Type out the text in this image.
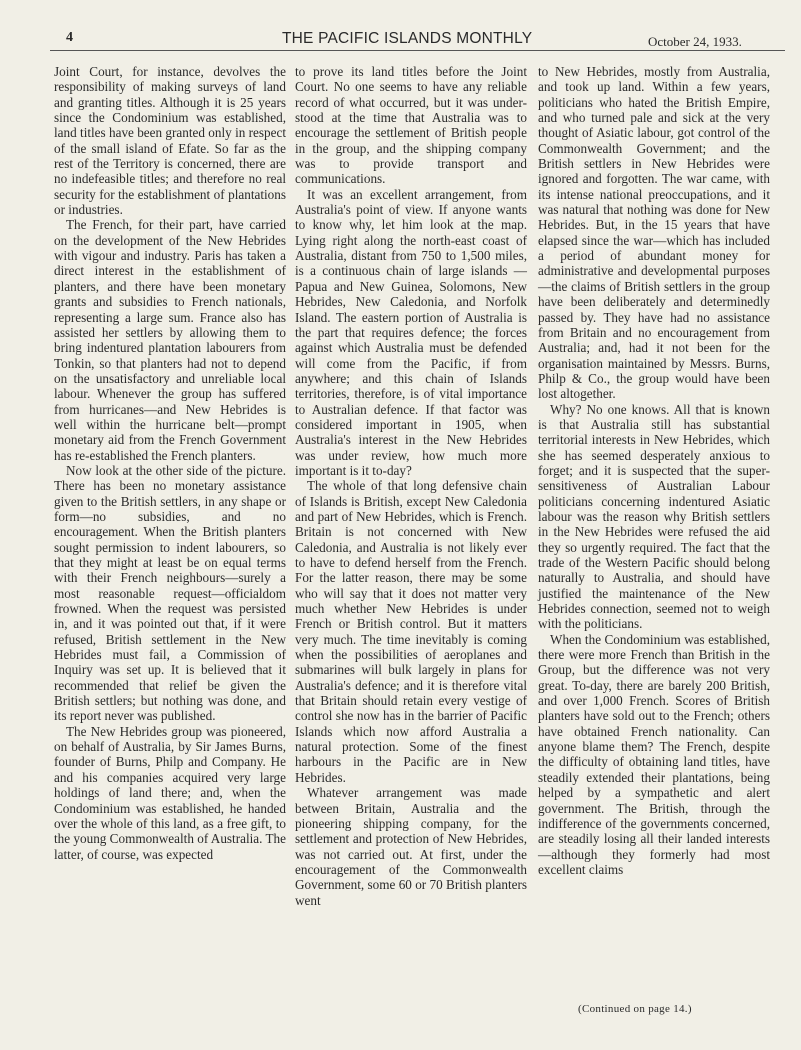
4	THE PACIFIC ISLANDS MONTHLY	October 24, 1933.

Joint Court, for instance, devolves the responsibility of making surveys of land and granting titles. Although it is 25 years since the Condominium was established, land titles have been granted only in respect of the small island of Efate. So far as the rest of the Territory is concerned, there are no indefeasible titles; and therefore no real security for the establishment of plantations or industries.

The French, for their part, have carried on the development of the New Hebrides with vigour and industry. Paris has taken a direct interest in the establishment of planters, and there have been monetary grants and subsidies to French nationals, representing a large sum. France also has assisted her settlers by allowing them to bring indentured plantation labourers from Tonkin, so that planters had not to depend on the unsatisfactory and unreliable local labour. Whenever the group has suffered from hurricanes—and New Hebrides is well within the hurricane belt—prompt monetary aid from the French Government has re-established the French planters.

Now look at the other side of the picture. There has been no monetary assistance given to the British settlers, in any shape or form—no subsidies, and no encouragement. When the British planters sought permission to indent labourers, so that they might at least be on equal terms with their French neighbours—surely a most reasonable request—officialdom frowned. When the request was persisted in, and it was pointed out that, if it were refused, British settlement in the New Hebrides must fail, a Commission of Inquiry was set up. It is believed that it recommended that relief be given the British settlers; but nothing was done, and its report never was published.

The New Hebrides group was pioneered, on behalf of Australia, by Sir James Burns, founder of Burns, Philp and Company. He and his companies acquired very large holdings of land there; and, when the Condominium was established, he handed over the whole of this land, as a free gift, to the young Commonwealth of Australia. The latter, of course, was expected

to prove its land titles before the Joint Court. No one seems to have any reliable record of what occurred, but it was under-stood at the time that Australia was to encourage the settlement of British people in the group, and the shipping company was to provide transport and communications.

It was an excellent arrangement, from Australia's point of view. If anyone wants to know why, let him look at the map. Lying right along the north-east coast of Australia, distant from 750 to 1,500 miles, is a continuous chain of large islands —Papua and New Guinea, Solomons, New Hebrides, New Caledonia, and Norfolk Island. The eastern portion of Australia is the part that requires defence; the forces against which Australia must be defended will come from the Pacific, if from anywhere; and this chain of Islands territories, therefore, is of vital importance to Australian defence. If that factor was considered important in 1905, when Australia's interest in the New Hebrides was under review, how much more important is it to-day?

The whole of that long defensive chain of Islands is British, except New Caledonia and part of New Hebrides, which is French. Britain is not concerned with New Caledonia, and Australia is not likely ever to have to defend herself from the French. For the latter reason, there may be some who will say that it does not matter very much whether New Hebrides is under French or British control. But it matters very much. The time inevitably is coming when the possibilities of aeroplanes and submarines will bulk largely in plans for Australia's defence; and it is therefore vital that Britain should retain every vestige of control she now has in the barrier of Pacific Islands which now afford Australia a natural protection. Some of the finest harbours in the Pacific are in New Hebrides.

Whatever arrangement was made between Britain, Australia and the pioneering shipping company, for the settlement and protection of New Hebrides, was not carried out. At first, under the encouragement of the Commonwealth Government, some 60 or 70 British planters went

to New Hebrides, mostly from Australia, and took up land. Within a few years, politicians who hated the British Empire, and who turned pale and sick at the very thought of Asiatic labour, got control of the Commonwealth Government; and the British settlers in New Hebrides were ignored and forgotten. The war came, with its intense national preoccupations, and it was natural that nothing was done for New Hebrides. But, in the 15 years that have elapsed since the war—which has included a period of abundant money for administrative and developmental purposes—the claims of British settlers in the group have been deliberately and determinedly passed by. They have had no assistance from Britain and no encouragement from Australia; and, had it not been for the organisation maintained by Messrs. Burns, Philp & Co., the group would have been lost altogether.

Why? No one knows. All that is known is that Australia still has substantial territorial interests in New Hebrides, which she has seemed desperately anxious to forget; and it is suspected that the super-sensitiveness of Australian Labour politicians concerning indentured Asiatic labour was the reason why British settlers in the New Hebrides were refused the aid they so urgently required. The fact that the trade of the Western Pacific should belong naturally to Australia, and should have justified the maintenance of the New Hebrides connection, seemed not to weigh with the politicians.

When the Condominium was established, there were more French than British in the Group, but the difference was not very great. To-day, there are barely 200 British, and over 1,000 French. Scores of British planters have sold out to the French; others have obtained French nationality. Can anyone blame them? The French, despite the difficulty of obtaining land titles, have steadily extended their plantations, being helped by a sympathetic and alert government. The British, through the indifference of the governments concerned, are steadily losing all their landed interests—although they formerly had most excellent claims

(Continued on page 14.)
